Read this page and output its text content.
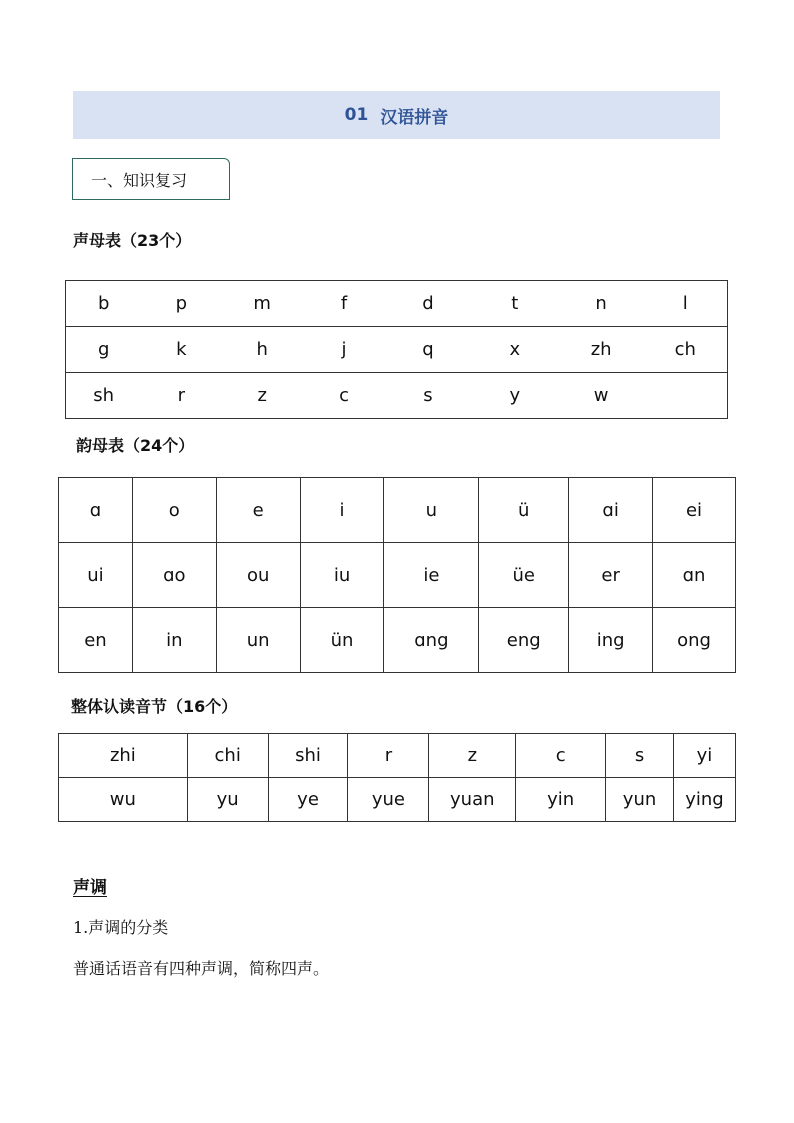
01 汉语拼音
一、知识复习
声母表（23个）
b	p	m	f	d	t	n	l
g	k	h	j	q	x	zh	ch
sh	r	z	c	s	y	w	
韵母表（24个）
ɑ	o	e	i	u	ü	ɑi	ei
ui	ɑo	ou	iu	ie	üe	er	ɑn
en	in	un	ün	ɑng	eng	ing	ong
整体认读音节（16个）
zhi	chi	shi	r	z	c	s	yi
wu	yu	ye	yue	yuan	yin	yun	ying
声调
1.声调的分类
普通话语音有四种声调，简称四声。
